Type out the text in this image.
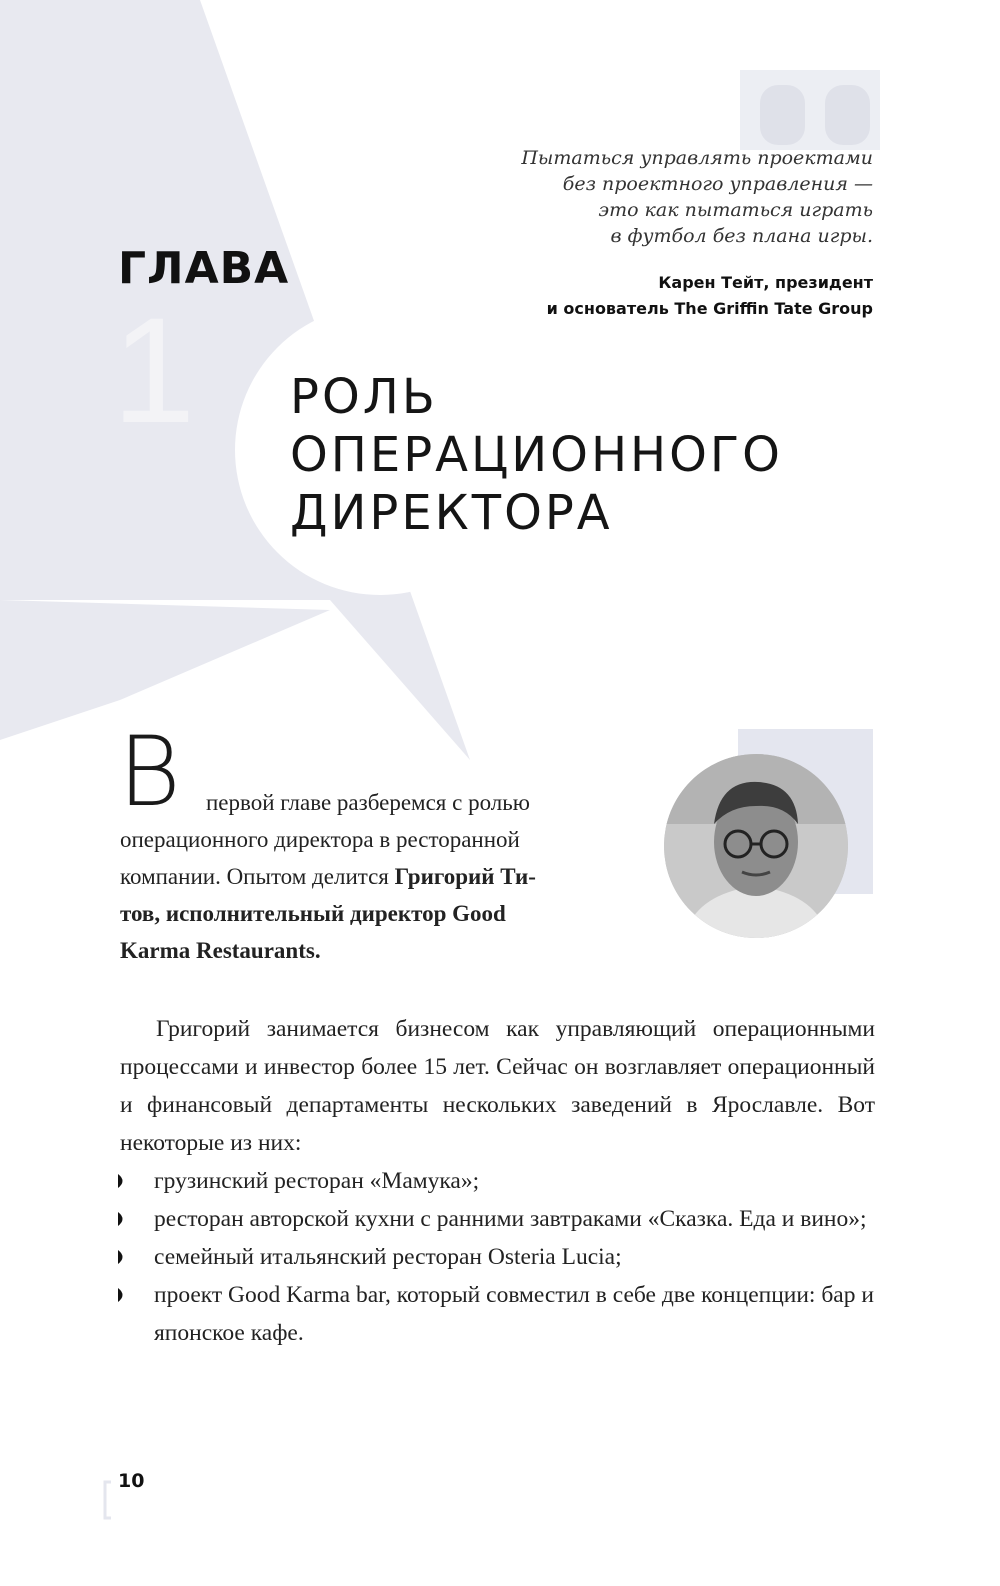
Пытаться управлять проектами

без проектного управления —

это как пытаться играть

в футбол без плана игры.

Карен Тейт, президент

и основатель The Griffin Tate Group

1
ГЛАВА
РОЛЬ
ОПЕРАЦИОННОГО
ДИРЕКТОРА
В	первой главе разберемся с ролью
операционного директора в ресторанной
компании. Опытом делится Григорий Ти-
тов, исполнительный директор Good
Karma Restaurants.

Григорий занимается бизнесом как управляющий операционными процессами и инвестор более 15 лет. Сейчас он возглавляет операционный и финансовый департаменты нескольких заведений в Ярославле. Вот некоторые из них:

грузинский ресторан «Мамука»;
ресторан авторской кухни с ранними завтраками «Сказка. Еда и вино»;
семейный итальянский ресторан Osteria Lucia;
проект Good Karma bar, который совместил в себе две концепции: бар и японское кафе.
10
